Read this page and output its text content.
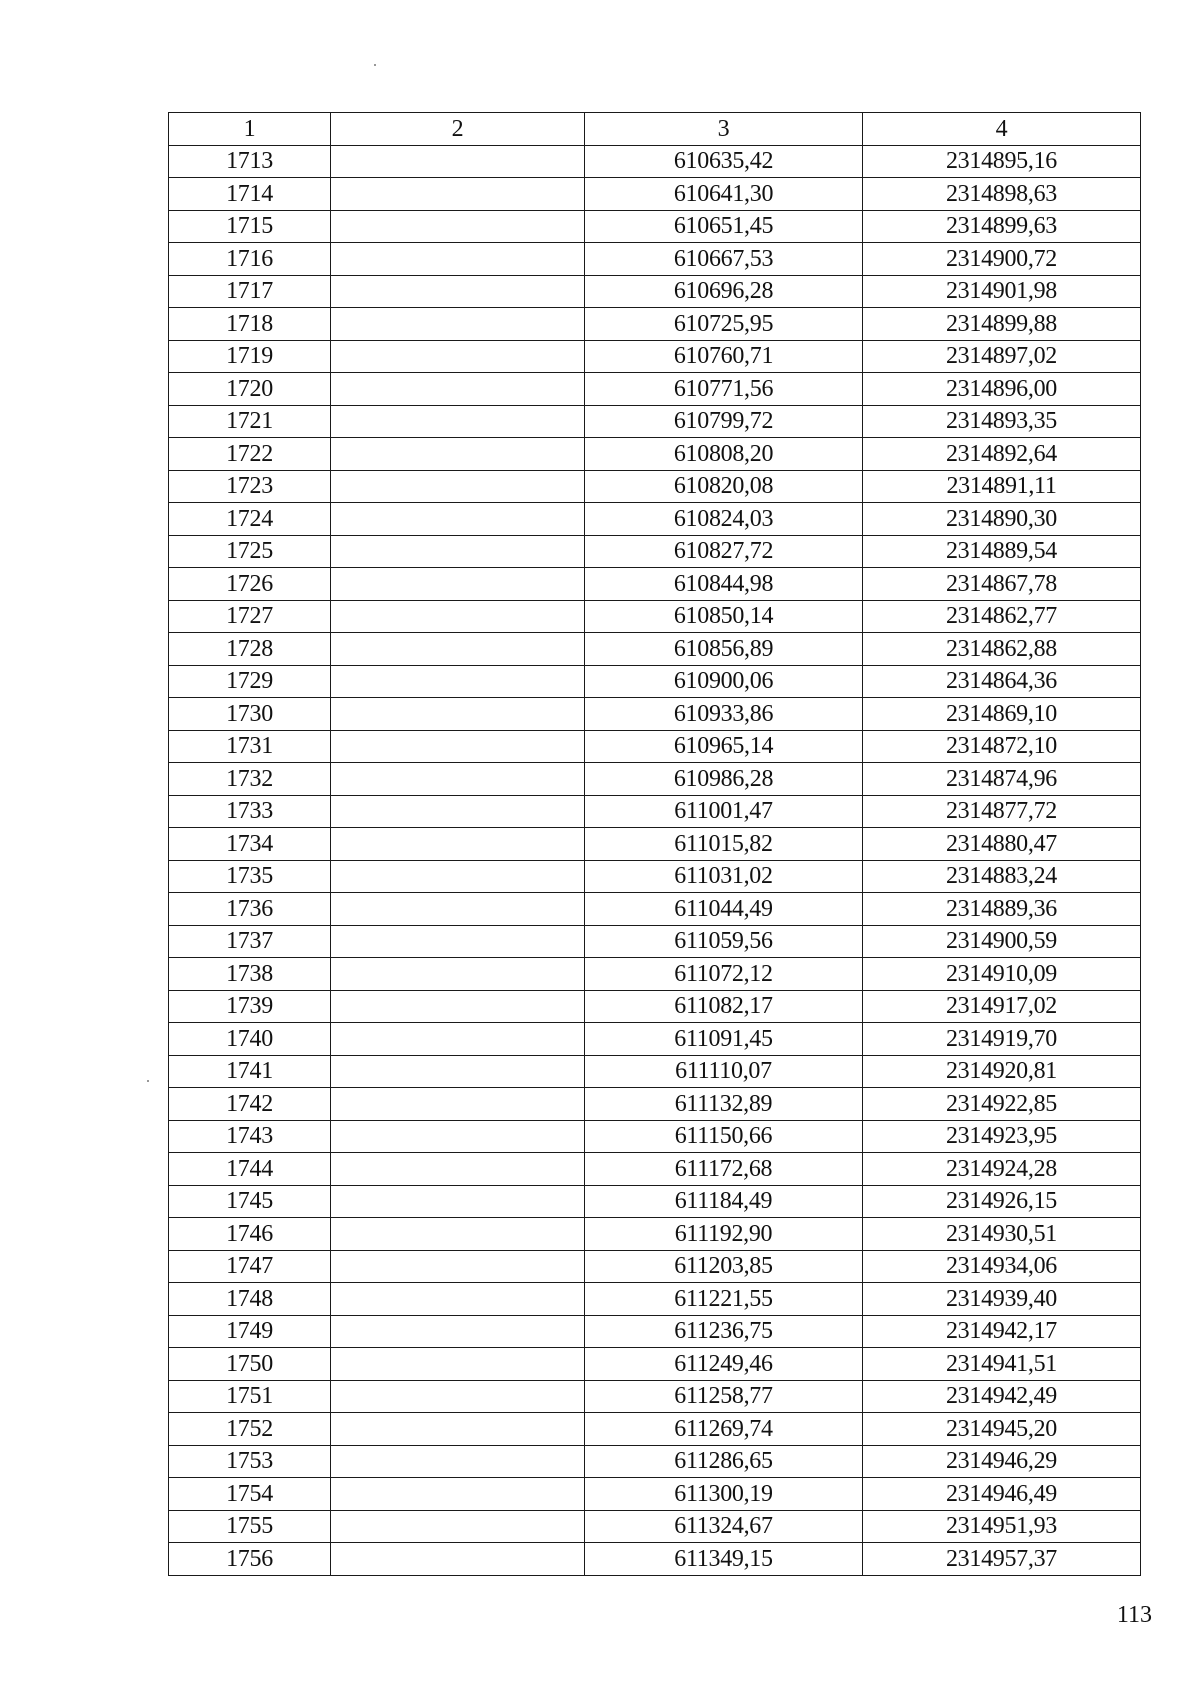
1	2	3	4
1713		610635,42	2314895,16
1714		610641,30	2314898,63
1715		610651,45	2314899,63
1716		610667,53	2314900,72
1717		610696,28	2314901,98
1718		610725,95	2314899,88
1719		610760,71	2314897,02
1720		610771,56	2314896,00
1721		610799,72	2314893,35
1722		610808,20	2314892,64
1723		610820,08	2314891,11
1724		610824,03	2314890,30
1725		610827,72	2314889,54
1726		610844,98	2314867,78
1727		610850,14	2314862,77
1728		610856,89	2314862,88
1729		610900,06	2314864,36
1730		610933,86	2314869,10
1731		610965,14	2314872,10
1732		610986,28	2314874,96
1733		611001,47	2314877,72
1734		611015,82	2314880,47
1735		611031,02	2314883,24
1736		611044,49	2314889,36
1737		611059,56	2314900,59
1738		611072,12	2314910,09
1739		611082,17	2314917,02
1740		611091,45	2314919,70
1741		611110,07	2314920,81
1742		611132,89	2314922,85
1743		611150,66	2314923,95
1744		611172,68	2314924,28
1745		611184,49	2314926,15
1746		611192,90	2314930,51
1747		611203,85	2314934,06
1748		611221,55	2314939,40
1749		611236,75	2314942,17
1750		611249,46	2314941,51
1751		611258,77	2314942,49
1752		611269,74	2314945,20
1753		611286,65	2314946,29
1754		611300,19	2314946,49
1755		611324,67	2314951,93
1756		611349,15	2314957,37
113
